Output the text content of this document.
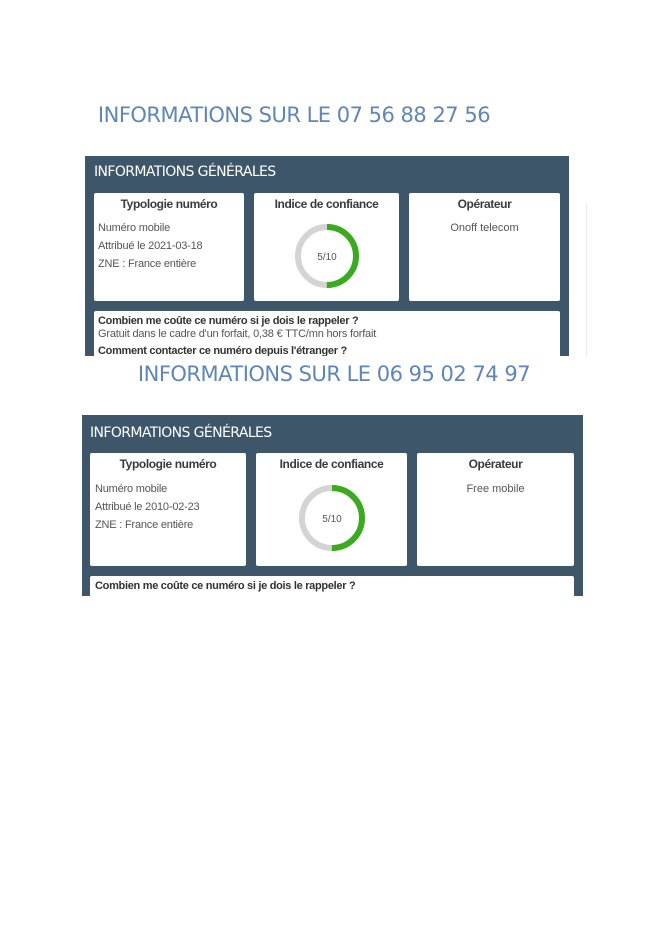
INFORMATIONS SUR LE 07 56 88 27 56
INFORMATIONS GÉNÉRALES
Typologie numéro
Numéro mobile
Attribué le 2021-03-18
ZNE : France entière
Indice de confiance
5/10
Opérateur
Onoff telecom
Combien me coûte ce numéro si je dois le rappeler ?
Gratuit dans le cadre d'un forfait, 0,38 € TTC/mn hors forfait
Comment contacter ce numéro depuis l'étranger ?
INFORMATIONS SUR LE 06 95 02 74 97
INFORMATIONS GÉNÉRALES
Typologie numéro
Numéro mobile
Attribué le 2010-02-23
ZNE : France entière
Indice de confiance
5/10
Opérateur
Free mobile
Combien me coûte ce numéro si je dois le rappeler ?
